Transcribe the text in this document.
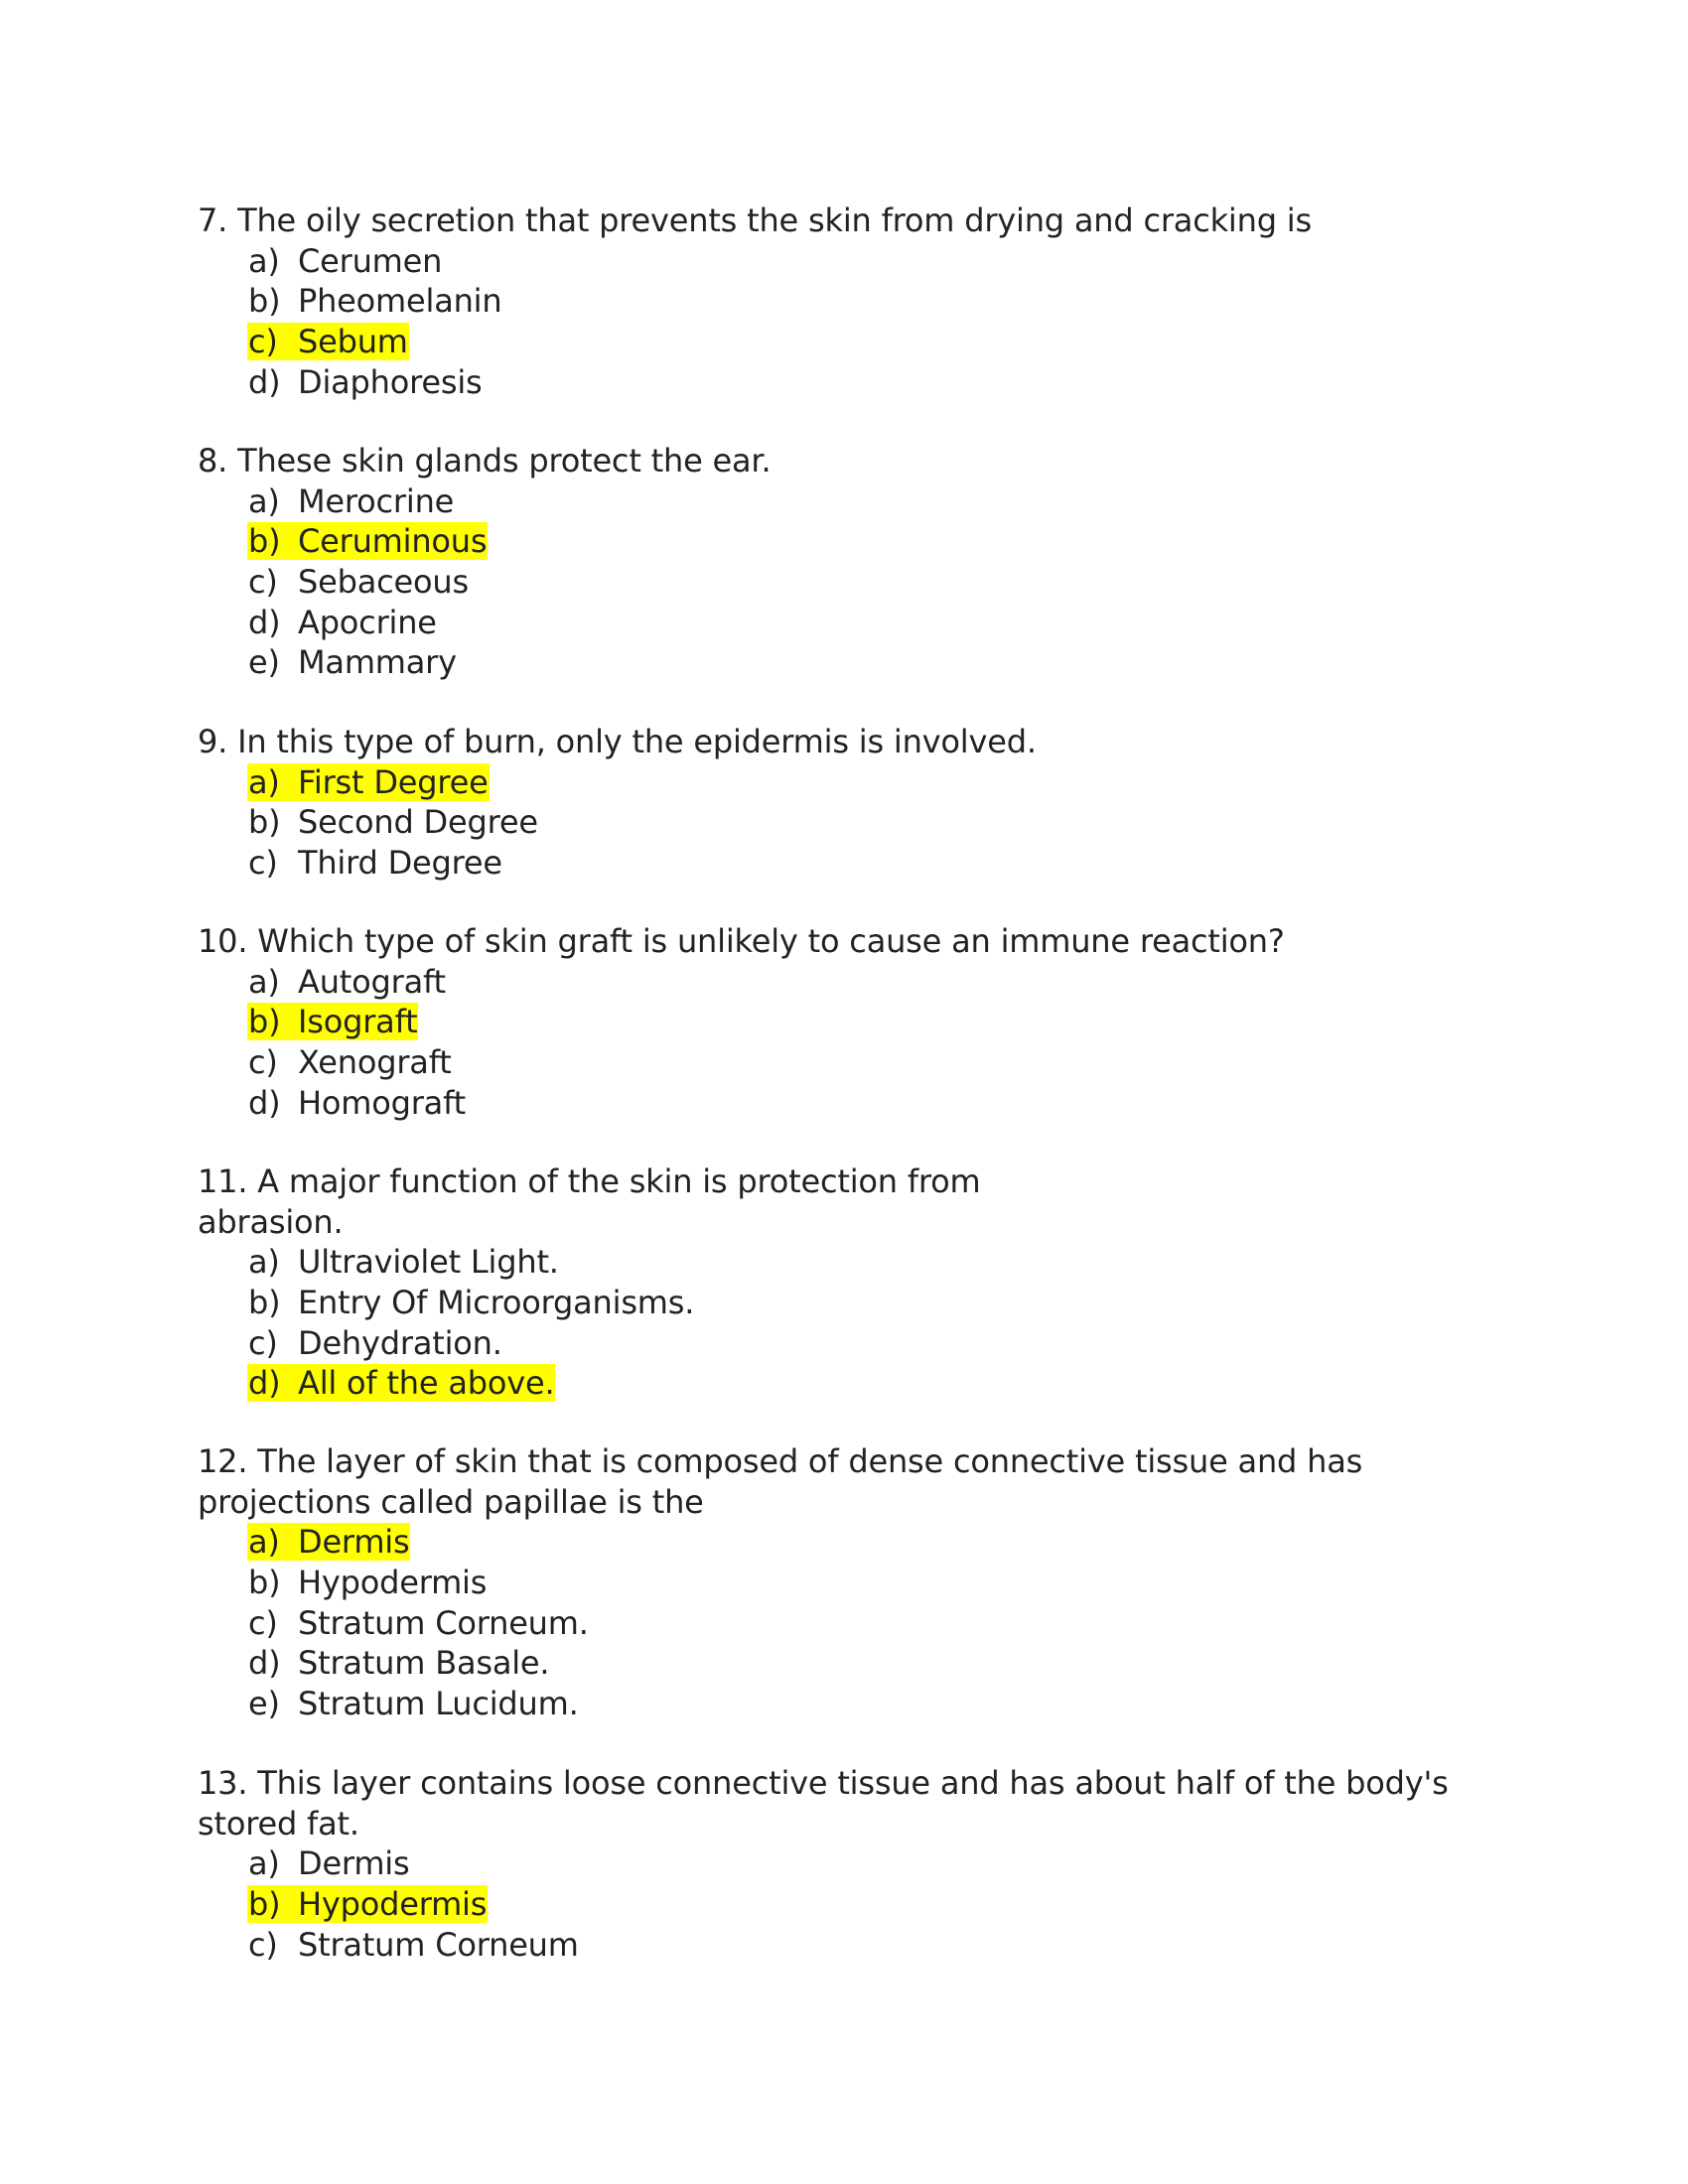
7. The oily secretion that prevents the skin from drying and cracking is
a) Cerumen
b) Pheomelanin
c) Sebum
d) Diaphoresis
8. These skin glands protect the ear.
a) Merocrine
b) Ceruminous
c) Sebaceous
d) Apocrine
e) Mammary
9. In this type of burn, only the epidermis is involved.
a) First Degree
b) Second Degree
c) Third Degree
10. Which type of skin graft is unlikely to cause an immune reaction?
a) Autograft
b) Isograft
c) Xenograft
d) Homograft
11. A major function of the skin is protection from
abrasion.
a) Ultraviolet Light.
b) Entry Of Microorganisms.
c) Dehydration.
d) All of the above.
12. The layer of skin that is composed of dense connective tissue and has
projections called papillae is the
a) Dermis
b) Hypodermis
c) Stratum Corneum.
d) Stratum Basale.
e) Stratum Lucidum.
13. This layer contains loose connective tissue and has about half of the body's
stored fat.
a) Dermis
b) Hypodermis
c) Stratum Corneum
